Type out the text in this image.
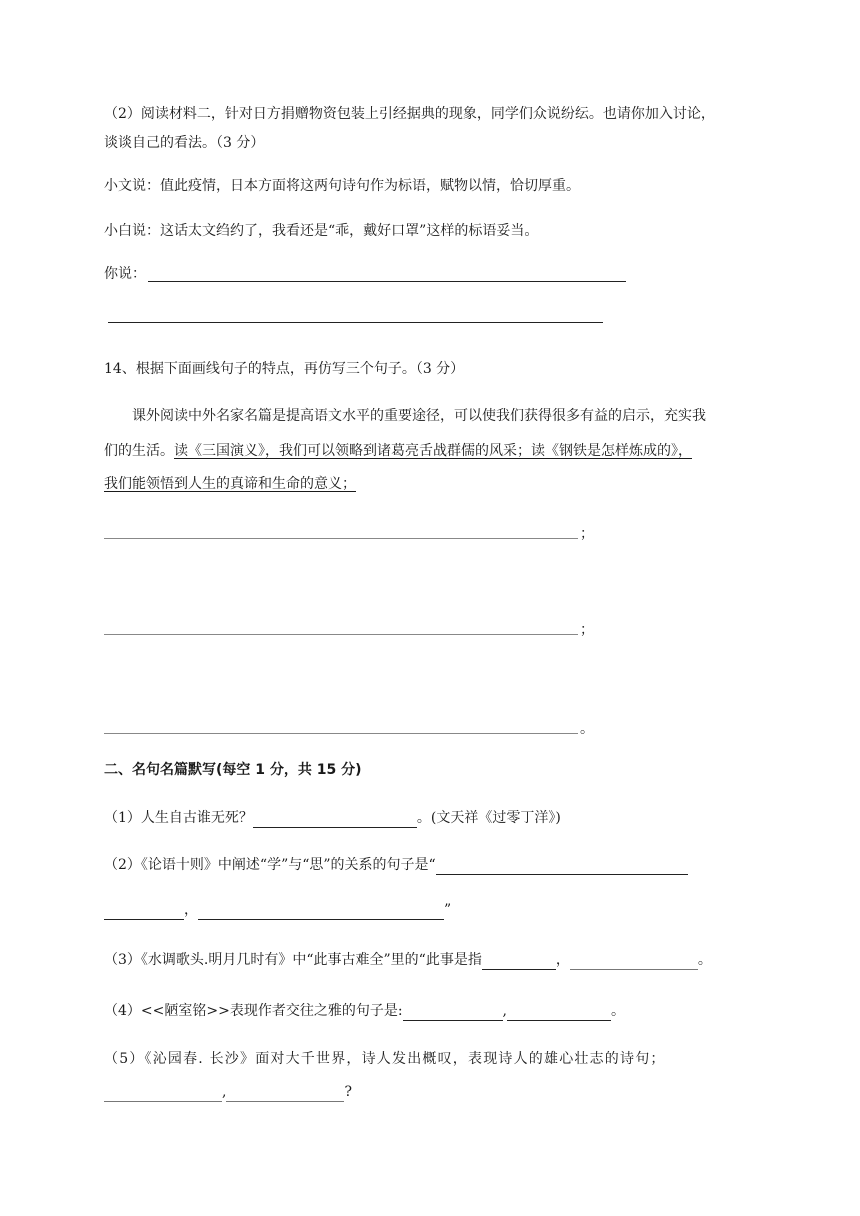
（2）阅读材料二，针对日方捐赠物资包装上引经据典的现象，同学们众说纷纭。也请你加入讨论，
谈谈自己的看法。（3 分）
小文说：值此疫情，日本方面将这两句诗句作为标语，赋物以情，恰切厚重。
小白说：这话太文绉约了，我看还是“乖，戴好口罩”这样的标语妥当。
你说：
14、根据下面画线句子的特点，再仿写三个句子。（3 分）
课外阅读中外名家名篇是提高语文水平的重要途径，可以使我们获得很多有益的启示，充实我
们的生活。读《三国演义》，我们可以领略到诸葛亮舌战群儒的风采；读《钢铁是怎样炼成的》，
我们能领悟到人生的真谛和生命的意义；
；
；
。
二、名句名篇默写(每空 1 分，共 15 分)
（1）人生自古谁无死？	。(文天祥《过零丁洋》)
（2）《论语十则》中阐述“学”与“思”的关系的句子是“
，	”
（3）《水调歌头.明月几时有》中“此事古难全”里的“此事是指	，	。
（4）<<陋室铭>>表现作者交往之雅的句子是:	,	。
（5）《沁园春. 长沙》面对大千世界，诗人发出概叹，表现诗人的雄心壮志的诗句；
,	?
